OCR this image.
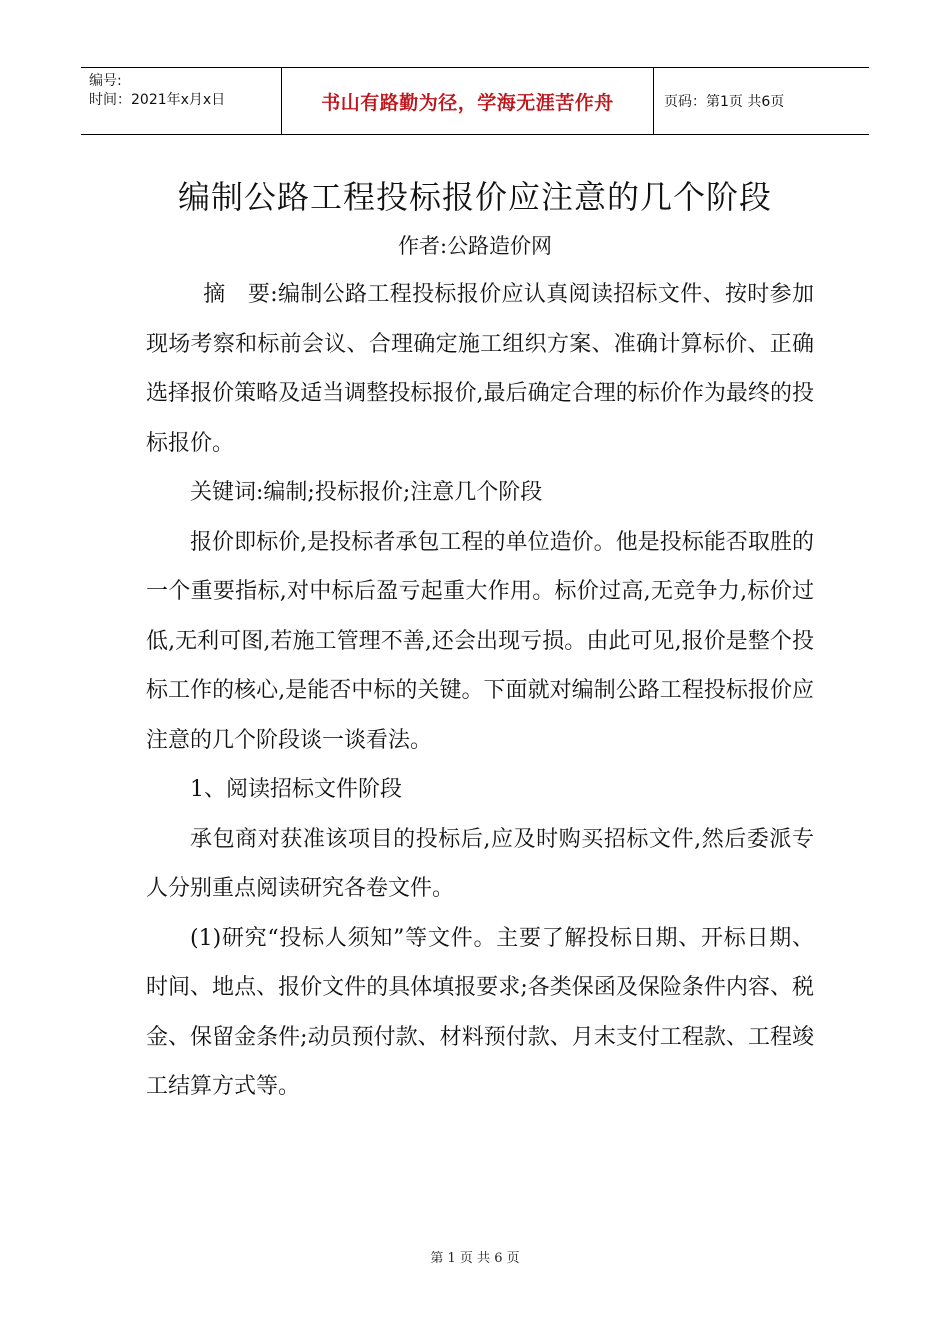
编号:
时间：2021年x月x日	书山有路勤为径，学海无涯苦作舟	页码：第1页 共6页
编制公路工程投标报价应注意的几个阶段
作者:公路造价网

摘　要:编制公路工程投标报价应认真阅读招标文件、按时参加现场考察和标前会议、合理确定施工组织方案、准确计算标价、正确选择报价策略及适当调整投标报价,最后确定合理的标价作为最终的投标报价。

关键词:编制;投标报价;注意几个阶段

报价即标价,是投标者承包工程的单位造价。他是投标能否取胜的一个重要指标,对中标后盈亏起重大作用。标价过高,无竞争力,标价过低,无利可图,若施工管理不善,还会出现亏损。由此可见,报价是整个投标工作的核心,是能否中标的关键。下面就对编制公路工程投标报价应注意的几个阶段谈一谈看法。

1、阅读招标文件阶段

承包商对获准该项目的投标后,应及时购买招标文件,然后委派专人分别重点阅读研究各卷文件。

(1)研究“投标人须知”等文件。主要了解投标日期、开标日期、时间、地点、报价文件的具体填报要求;各类保函及保险条件内容、税金、保留金条件;动员预付款、材料预付款、月末支付工程款、工程竣工结算方式等。

第 1 页 共 6 页
